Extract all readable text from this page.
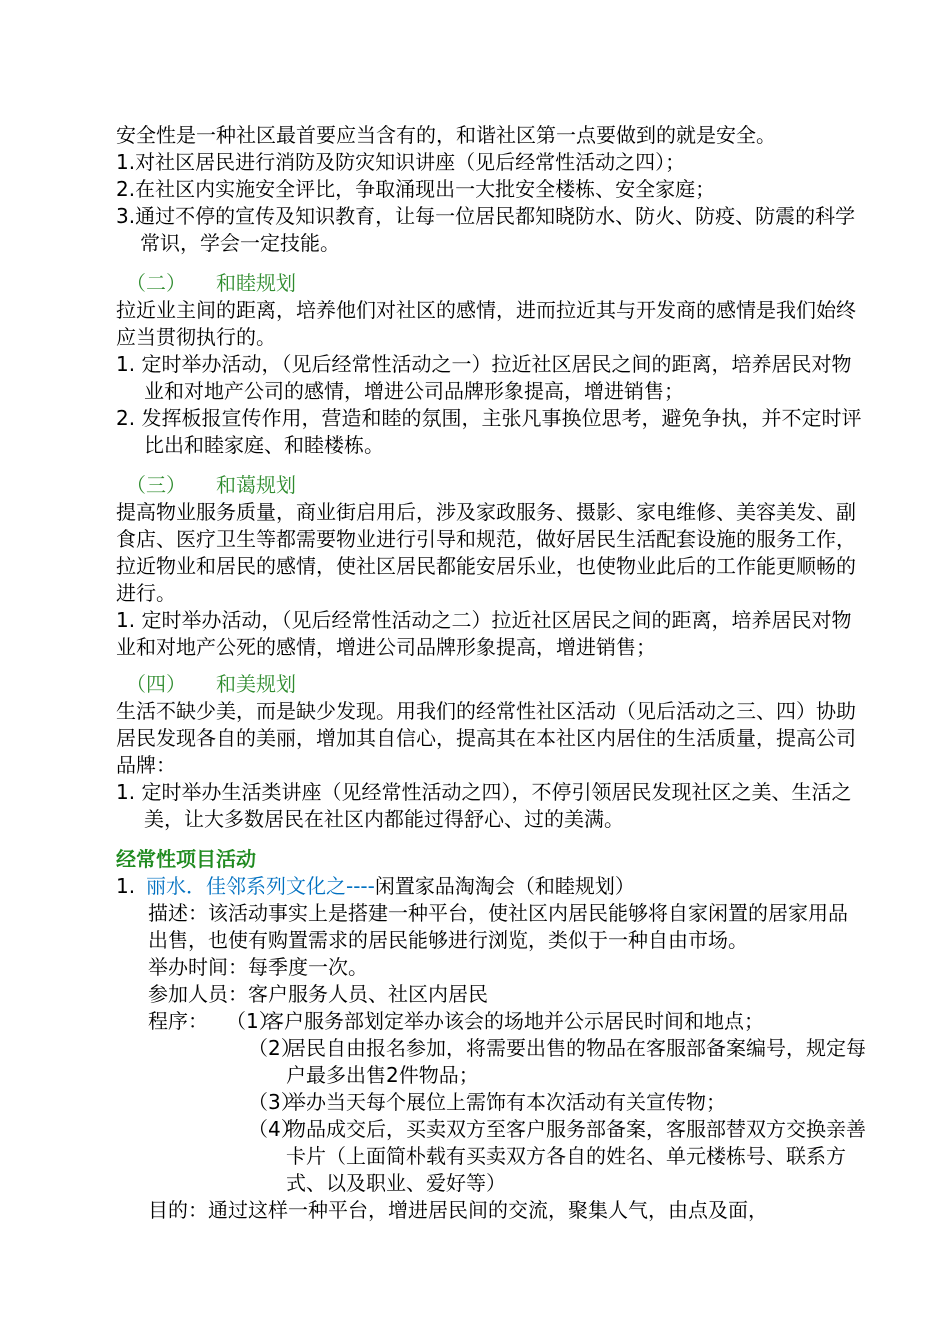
安全性是一种社区最首要应当含有的，和谐社区第一点要做到的就是安全。

1.对社区居民进行消防及防灾知识讲座（见后经常性活动之四）；

2.在社区内实施安全评比，争取涌现出一大批安全楼栋、安全家庭；

3.通过不停的宣传及知识教育，让每一位居民都知晓防水、防火、防疫、防震的科学常识，学会一定技能。

（二） 和睦规划

拉近业主间的距离，培养他们对社区的感情，进而拉近其与开发商的感情是我们始终应当贯彻执行的。

1. 定时举办活动，（见后经常性活动之一）拉近社区居民之间的距离，培养居民对物业和对地产公司的感情，增进公司品牌形象提高，增进销售；

2. 发挥板报宣传作用，营造和睦的氛围，主张凡事换位思考，避免争执，并不定时评比出和睦家庭、和睦楼栋。

（三） 和蔼规划

提高物业服务质量，商业街启用后，涉及家政服务、摄影、家电维修、美容美发、副食店、医疗卫生等都需要物业进行引导和规范，做好居民生活配套设施的服务工作，拉近物业和居民的感情，使社区居民都能安居乐业，也使物业此后的工作能更顺畅的进行。

1. 定时举办活动，（见后经常性活动之二）拉近社区居民之间的距离，培养居民对物业和对地产公死的感情，增进公司品牌形象提高，增进销售；

（四） 和美规划

生活不缺少美，而是缺少发现。用我们的经常性社区活动（见后活动之三、四）协助居民发现各自的美丽，增加其自信心，提高其在本社区内居住的生活质量，提高公司品牌：

1. 定时举办生活类讲座（见经常性活动之四），不停引领居民发现社区之美、生活之美，让大多数居民在社区内都能过得舒心、过的美满。

经常性项目活动

1. 丽水．佳邻系列文化之----闲置家品淘淘会（和睦规划）

描述：该活动事实上是搭建一种平台，使社区内居民能够将自家闲置的居家用品出售，也使有购置需求的居民能够进行浏览，类似于一种自由市场。

举办时间：每季度一次。

参加人员：客户服务人员、社区内居民

程序： （1）客户服务部划定举办该会的场地并公示居民时间和地点；

（2）居民自由报名参加，将需要出售的物品在客服部备案编号，规定每户最多出售2件物品；

（3）举办当天每个展位上需饰有本次活动有关宣传物；

（4）物品成交后，买卖双方至客户服务部备案，客服部替双方交换亲善卡片（上面简朴载有买卖双方各自的姓名、单元楼栋号、联系方式、以及职业、爱好等）

目的：通过这样一种平台，增进居民间的交流，聚集人气，由点及面，
